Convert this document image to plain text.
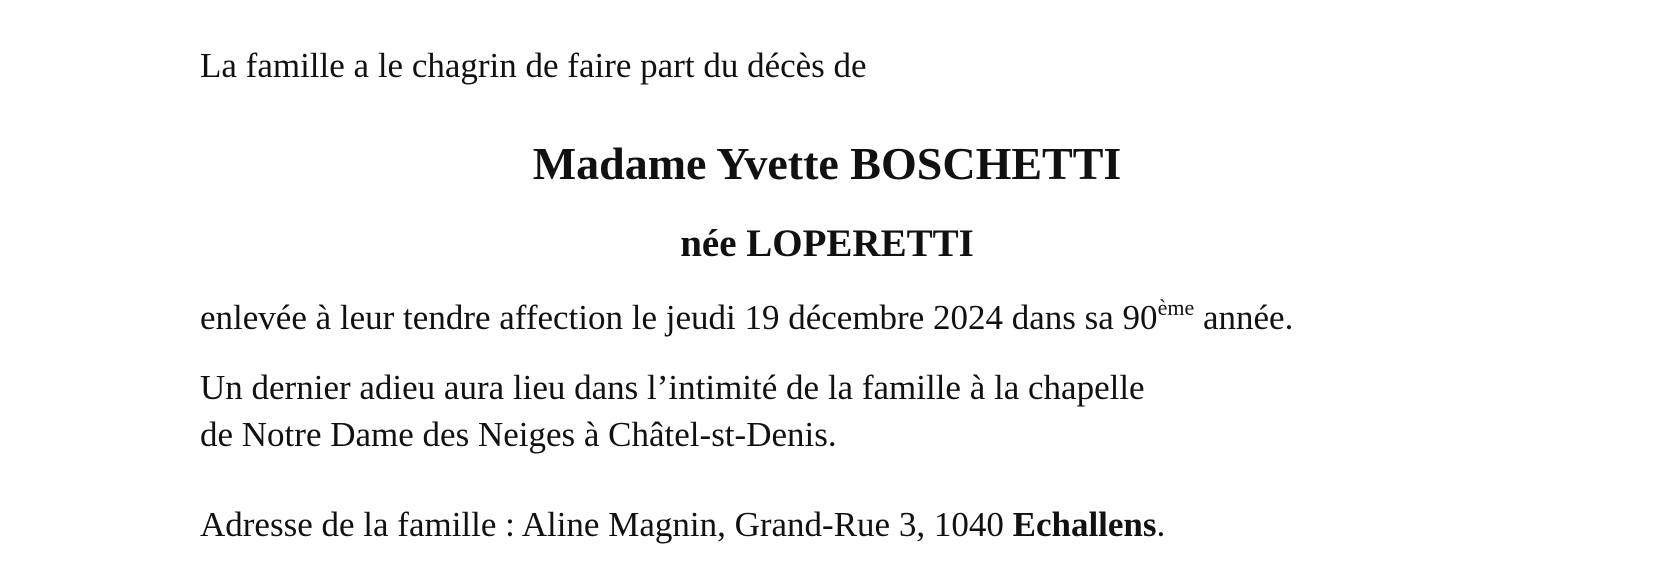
La famille a le chagrin de faire part du décès de
Madame Yvette BOSCHETTI
née LOPERETTI
enlevée à leur tendre affection le jeudi 19 décembre 2024 dans sa 90ème année.
Un dernier adieu aura lieu dans l’intimité de la famille à la chapelle
de Notre Dame des Neiges à Châtel-st-Denis.
Adresse de la famille : Aline Magnin, Grand-Rue 3, 1040 Echallens.
